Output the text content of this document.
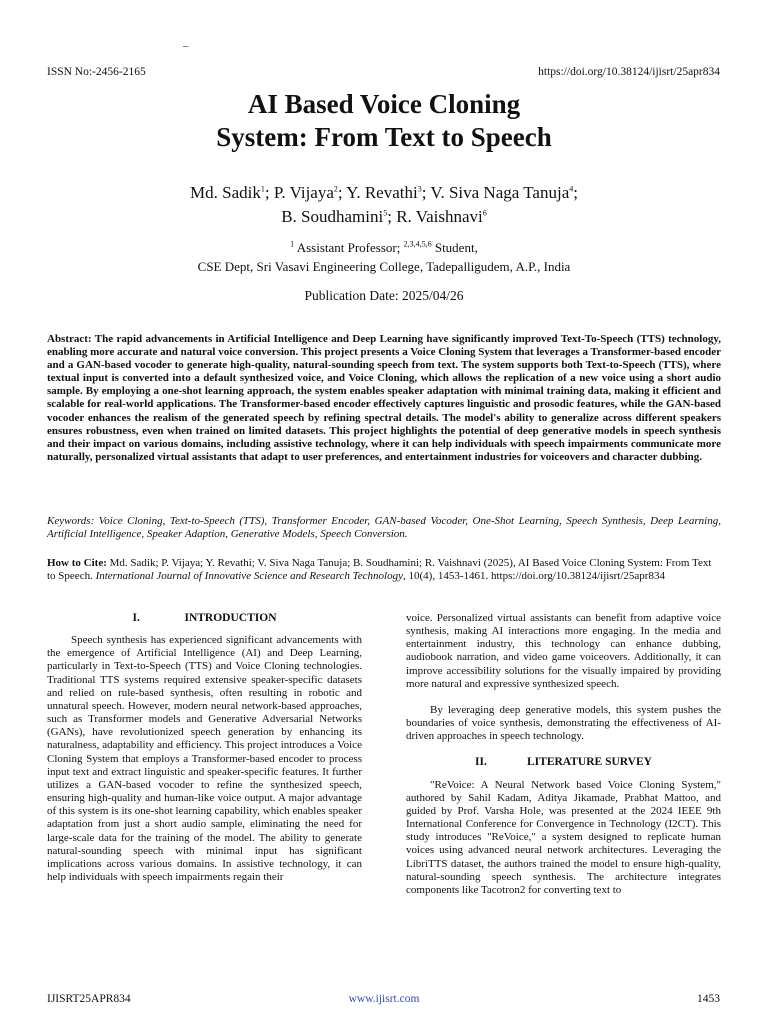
–
ISSN No:-2456-2165	https://doi.org/10.38124/ijisrt/25apr834
AI Based Voice Cloning
System: From Text to Speech
Md. Sadik$^1$; P. Vijaya$^2$; Y. Revathi$^3$; V. Siva Naga Tanuja$^4$;
B. Soudhamini$^5$; R. Vaishnavi$^6$
$^1$ Assistant Professor; $^{2,3,4,5,6}$ Student,
CSE Dept, Sri Vasavi Engineering College, Tadepalligudem, A.P., India
Publication Date: 2025/04/26
Abstract: The rapid advancements in Artificial Intelligence and Deep Learning have significantly improved Text-To-Speech (TTS) technology, enabling more accurate and natural voice conversion. This project presents a Voice Cloning System that leverages a Transformer-based encoder and a GAN-based vocoder to generate high-quality, natural-sounding speech from text. The system supports both Text-to-Speech (TTS), where textual input is converted into a default synthesized voice, and Voice Cloning, which allows the replication of a new voice using a short audio sample. By employing a one-shot learning approach, the system enables speaker adaptation with minimal training data, making it efficient and scalable for real-world applications. The Transformer-based encoder effectively captures linguistic and prosodic features, while the GAN-based vocoder enhances the realism of the generated speech by refining spectral details. The model's ability to generalize across different speakers ensures robustness, even when trained on limited datasets. This project highlights the potential of deep generative models in speech synthesis and their impact on various domains, including assistive technology, where it can help individuals with speech impairments communicate more naturally, personalized virtual assistants that adapt to user preferences, and entertainment industries for voiceovers and character dubbing.
Keywords: Voice Cloning, Text-to-Speech (TTS), Transformer Encoder, GAN-based Vocoder, One-Shot Learning, Speech Synthesis, Deep Learning, Artificial Intelligence, Speaker Adaption, Generative Models, Speech Conversion.
How to Cite: Md. Sadik; P. Vijaya; Y. Revathi; V. Siva Naga Tanuja; B. Soudhamini; R. Vaishnavi (2025), AI Based Voice Cloning System: From Text to Speech. International Journal of Innovative Science and Research Technology, 10(4), 1453-1461. https://doi.org/10.38124/ijisrt/25apr834
I.	INTRODUCTION

Speech synthesis has experienced significant advancements with the emergence of Artificial Intelligence (AI) and Deep Learning, particularly in Text-to-Speech (TTS) and Voice Cloning technologies. Traditional TTS systems required extensive speaker-specific datasets and relied on rule-based synthesis, often resulting in robotic and unnatural speech. However, modern neural network-based approaches, such as Transformer models and Generative Adversarial Networks (GANs), have revolutionized speech generation by enhancing its naturalness, adaptability and efficiency. This project introduces a Voice Cloning System that employs a Transformer-based encoder to process input text and extract linguistic and speaker-specific features. It further utilizes a GAN-based vocoder to refine the synthesized speech, ensuring high-quality and human-like voice output. A major advantage of this system is its one-shot learning capability, which enables speaker adaptation from just a short audio sample, eliminating the need for large-scale data for the training of the model. The ability to generate natural-sounding speech with minimal input has significant implications across various domains. In assistive technology, it can help individuals with speech impairments regain their

voice. Personalized virtual assistants can benefit from adaptive voice synthesis, making AI interactions more engaging. In the media and entertainment industry, this technology can enhance dubbing, audiobook narration, and video game voiceovers. Additionally, it can improve accessibility solutions for the visually impaired by providing more natural and expressive synthesized speech.

By leveraging deep generative models, this system pushes the boundaries of voice synthesis, demonstrating the effectiveness of AI-driven approaches in speech technology.

II.	LITERATURE SURVEY

"ReVoice: A Neural Network based Voice Cloning System," authored by Sahil Kadam, Aditya Jikamade, Prabhat Mattoo, and guided by Prof. Varsha Hole, was presented at the 2024 IEEE 9th International Conference for Convergence in Technology (I2CT). This study introduces "ReVoice," a system designed to replicate human voices using advanced neural network architectures. Leveraging the LibriTTS dataset, the authors trained the model to ensure high-quality, natural-sounding speech synthesis. The architecture integrates components like Tacotron2 for converting text to

IJISRT25APR834	www.ijisrt.com	1453
